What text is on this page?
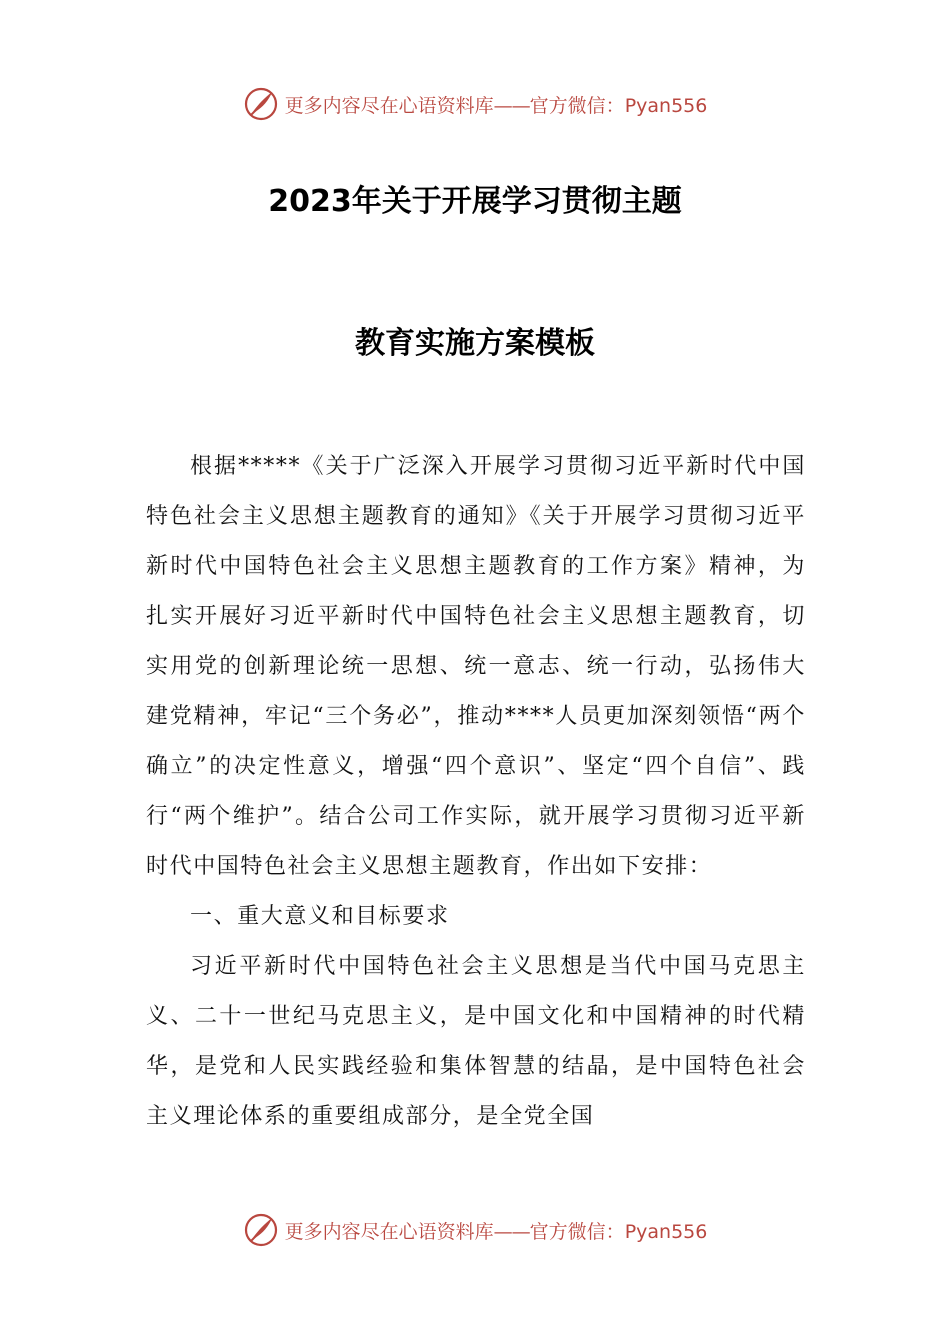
更多内容尽在心语资料库——官方微信：Pyan556
2023年关于开展学习贯彻主题
教育实施方案模板

根据*****《关于广泛深入开展学习贯彻习近平新时代中国特色社会主义思想主题教育的通知》《关于开展学习贯彻习近平新时代中国特色社会主义思想主题教育的工作方案》精神，为扎实开展好习近平新时代中国特色社会主义思想主题教育，切实用党的创新理论统一思想、统一意志、统一行动，弘扬伟大建党精神，牢记“三个务必”，推动****人员更加深刻领悟“两个确立”的决定性意义，增强“四个意识”、坚定“四个自信”、践行“两个维护”。结合公司工作实际，就开展学习贯彻习近平新时代中国特色社会主义思想主题教育，作出如下安排：

一、重大意义和目标要求

习近平新时代中国特色社会主义思想是当代中国马克思主义、二十一世纪马克思主义，是中国文化和中国精神的时代精华，是党和人民实践经验和集体智慧的结晶，是中国特色社会主义理论体系的重要组成部分，是全党全国

更多内容尽在心语资料库——官方微信：Pyan556
